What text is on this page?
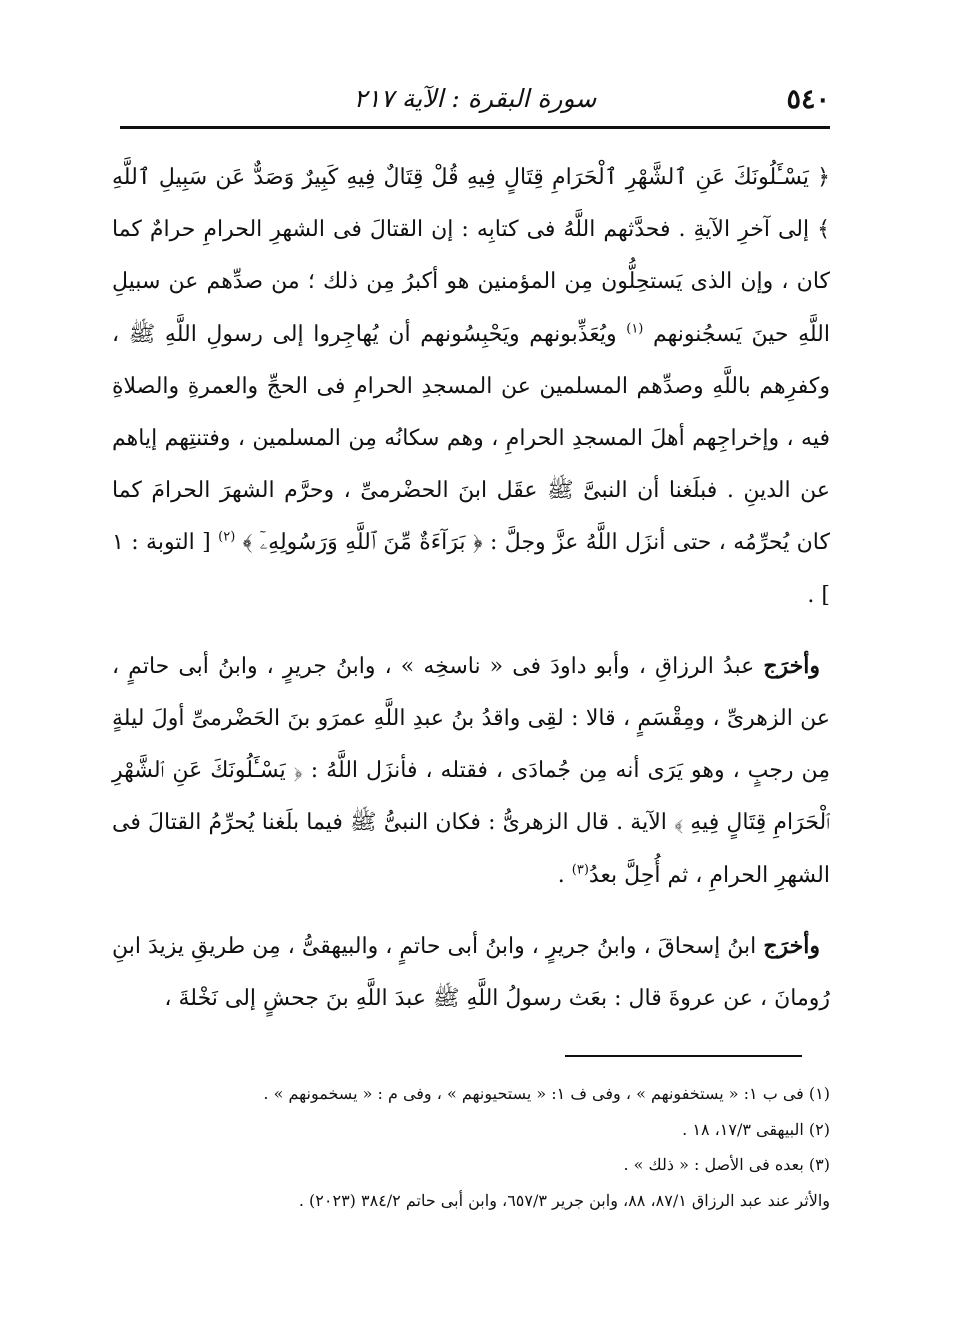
٥٤٠
سورة البقرة : الآية ٢١٧

﴿ يَسْـَٔلُونَكَ عَنِ ٱلشَّهْرِ ٱلْحَرَامِ قِتَالٍ فِيهِ قُلْ قِتَالٌ فِيهِ كَبِيرٌ وَصَدٌّ عَن سَبِيلِ ٱللَّهِ ﴾ إلى آخرِ الآيةِ . فحدَّثهم اللَّهُ فى كتابِه : إن القتالَ فى الشهرِ الحرامِ حرامٌ كما كان ، وإن الذى يَستحِلُّون مِن المؤمنين هو أكبرُ مِن ذلك ؛ من صدِّهم عن سبيلِ اللَّهِ حينَ يَسجُنونهم $^{(١)}$ ويُعَذِّبونهم ويَحْبِسُونهم أن يُهاجِروا إلى رسولِ اللَّهِ ﷺ ، وكفرِهم باللَّهِ وصدِّهم المسلمين عن المسجدِ الحرامِ فى الحجِّ والعمرةِ والصلاةِ فيه ، وإخراجِهم أهلَ المسجدِ الحرامِ ، وهم سكانُه مِن المسلمين ، وفتنتِهم إياهم عن الدينِ . فبلَغنا أن النبىَّ ﷺ عقَل ابنَ الحضْرمىِّ ، وحرَّم الشهرَ الحرامَ كما كان يُحرِّمُه ، حتى أنزَل اللَّهُ عزَّ وجلَّ : ﴿ بَرَآءَةٌ مِّنَ ٱللَّهِ وَرَسُولِهِۦٓ ﴾ $^{(٢)}$ [ التوبة : ١ ] .

وأخرَج عبدُ الرزاقِ ، وأبو داودَ فى « ناسخِه » ، وابنُ جريرٍ ، وابنُ أبى حاتمٍ ، عن الزهرىِّ ، ومِقْسَمٍ ، قالا : لقِى واقدُ بنُ عبدِ اللَّهِ عمرَو بنَ الحَضْرمىِّ أولَ ليلةٍ مِن رجبٍ ، وهو يَرَى أنه مِن جُمادَى ، فقتله ، فأنزَل اللَّهُ : ﴿ يَسْـَٔلُونَكَ عَنِ ٱلشَّهْرِ ٱلْحَرَامِ قِتَالٍ فِيهِ ﴾ الآية . قال الزهرىُّ : فكان النبىُّ ﷺ فيما بلَغنا يُحرِّمُ القتالَ فى الشهرِ الحرامِ ، ثم أُحِلَّ بعدُ$^{(٣)}$ .

وأخرَج ابنُ إسحاقَ ، وابنُ جريرٍ ، وابنُ أبى حاتمٍ ، والبيهقىُّ ، مِن طريقِ يزيدَ ابنِ رُومانَ ، عن عروةَ قال : بعَث رسولُ اللَّهِ ﷺ عبدَ اللَّهِ بنَ جحشٍ إلى نَخْلةَ ،

(١) فى ب ١: « يستخفونهم » ، وفى ف ١: « يستحيونهم » ، وفى م : « يسخمونهم » .

(٢) البيهقى ١٧/٣، ١٨ .

(٣) بعده فى الأصل : « ذلك » .

والأثر عند عبد الرزاق ٨٧/١، ٨٨، وابن جرير ٦٥٧/٣، وابن أبى حاتم ٣٨٤/٢ (٢٠٢٣) .
